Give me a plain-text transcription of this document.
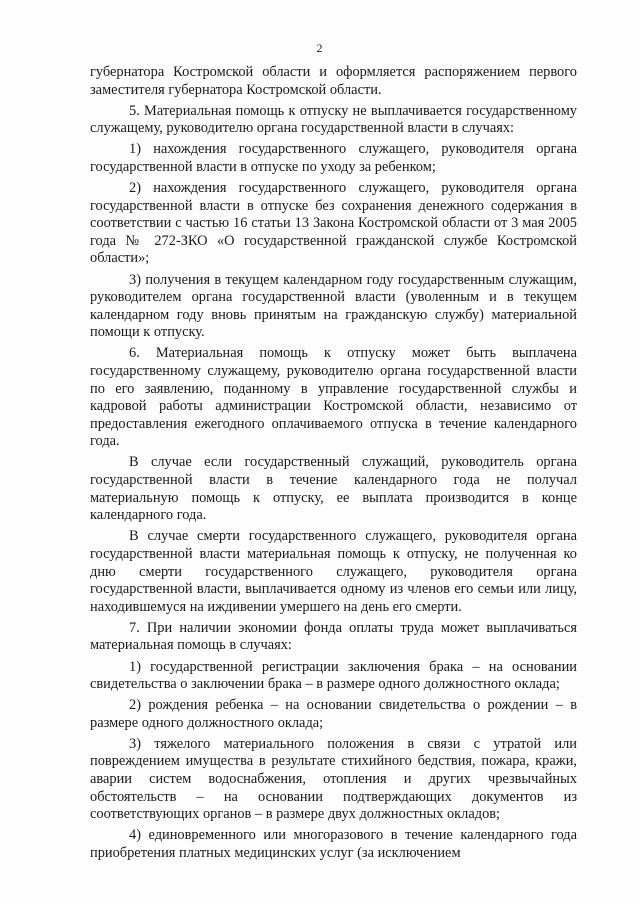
2

губернатора Костромской области и оформляется распоряжением первого заместителя губернатора Костромской области.

5. Материальная помощь к отпуску не выплачивается государственному служащему, руководителю органа государственной власти в случаях:

1) нахождения государственного служащего, руководителя органа государственной власти в отпуске по уходу за ребенком;

2) нахождения государственного служащего, руководителя органа государственной власти в отпуске без сохранения денежного содержания в соответствии с частью 16 статьи 13 Закона Костромской области от 3 мая 2005 года № 272-ЗКО «О государственной гражданской службе Костромской области»;

3) получения в текущем календарном году государственным служащим, руководителем органа государственной власти (уволенным и в текущем календарном году вновь принятым на гражданскую службу) материальной помощи к отпуску.

6. Материальная помощь к отпуску может быть выплачена государственному служащему, руководителю органа государственной власти по его заявлению, поданному в управление государственной службы и кадровой работы администрации Костромской области, независимо от предоставления ежегодного оплачиваемого отпуска в течение календарного года.

В случае если государственный служащий, руководитель органа государственной власти в течение календарного года не получал материальную помощь к отпуску, ее выплата производится в конце календарного года.

В случае смерти государственного служащего, руководителя органа государственной власти материальная помощь к отпуску, не полученная ко дню смерти государственного служащего, руководителя органа государственной власти, выплачивается одному из членов его семьи или лицу, находившемуся на иждивении умершего на день его смерти.

7. При наличии экономии фонда оплаты труда может выплачиваться материальная помощь в случаях:

1) государственной регистрации заключения брака – на основании свидетельства о заключении брака – в размере одного должностного оклада;

2) рождения ребенка – на основании свидетельства о рождении – в размере одного должностного оклада;

3) тяжелого материального положения в связи с утратой или повреждением имущества в результате стихийного бедствия, пожара, кражи, аварии систем водоснабжения, отопления и других чрезвычайных обстоятельств – на основании подтверждающих документов из соответствующих органов – в размере двух должностных окладов;

4) единовременного или многоразового в течение календарного года приобретения платных медицинских услуг (за исключением
